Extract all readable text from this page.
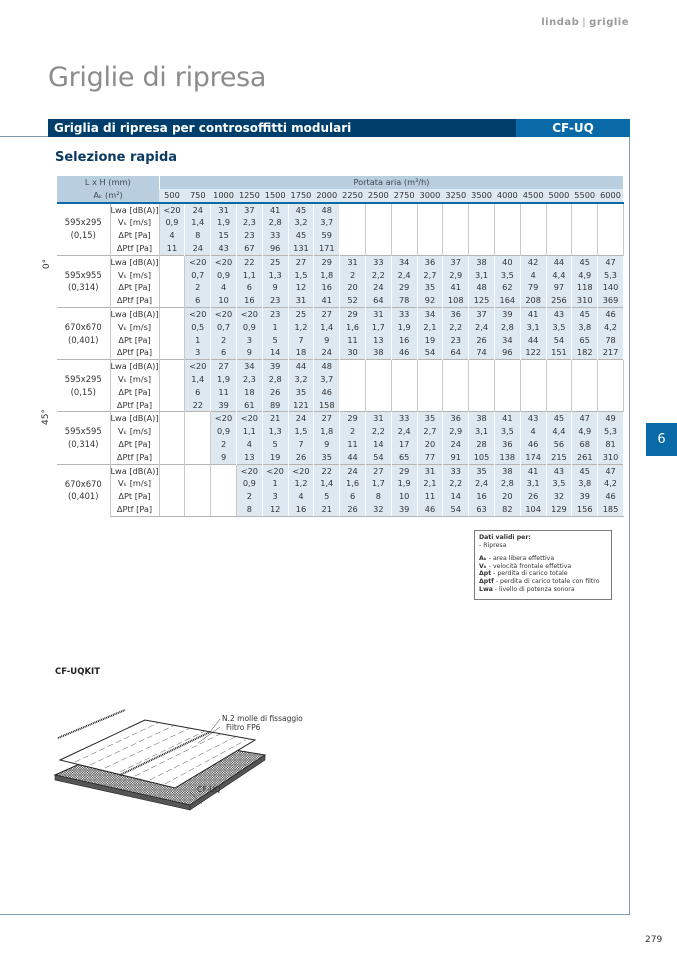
lindab | griglie
Griglie di ripresa
Griglia di ripresa per controsoffitti modulari	CF-UQ
Selezione rapida
L x H (mm)		Portata aria (m³/h)																	
Aₖ (m²)		500	750	1000	1250	1500	1750	2000	2250	2500	2750	3000	3250	3500	4000	4500	5000	5500	6000

595x295
(0,15)	Lwa [dB(A)]	<20	24	31	37	41	45	48											
	Vₖ [m/s]	0,9	1,4	1,9	2,3	2,8	3,2	3,7											
	ΔPt [Pa]	4	8	15	23	33	45	59											
	ΔPtf [Pa]	11	24	43	67	96	131	171											

595x955
(0,314)	Lwa [dB(A)]		<20	<20	22	25	27	29	31	33	34	36	37	38	40	42	44	45	47
	Vₖ [m/s]		0,7	0,9	1,1	1,3	1,5	1,8	2	2,2	2,4	2,7	2,9	3,1	3,5	4	4,4	4,9	5,3
	ΔPt [Pa]		2	4	6	9	12	16	20	24	29	35	41	48	62	79	97	118	140
	ΔPtf [Pa]		6	10	16	23	31	41	52	64	78	92	108	125	164	208	256	310	369

670x670
(0,401)	Lwa [dB(A)]		<20	<20	<20	23	25	27	29	31	33	34	36	37	39	41	43	45	46
	Vₖ [m/s]		0,5	0,7	0,9	1	1,2	1,4	1,6	1,7	1,9	2,1	2,2	2,4	2,8	3,1	3,5	3,8	4,2
	ΔPt [Pa]		1	2	3	5	7	9	11	13	16	19	23	26	34	44	54	65	78
	ΔPtf [Pa]		3	6	9	14	18	24	30	38	46	54	64	74	96	122	151	182	217

595x295
(0,15)	Lwa [dB(A)]		<20	27	34	39	44	48											
	Vₖ [m/s]		1,4	1,9	2,3	2,8	3,2	3,7											
	ΔPt [Pa]		6	11	18	26	35	46											
	ΔPtf [Pa]		22	39	61	89	121	158											

595x595
(0,314)	Lwa [dB(A)]			<20	<20	21	24	27	29	31	33	35	36	38	41	43	45	47	49
	Vₖ [m/s]			0,9	1,1	1,3	1,5	1,8	2	2,2	2,4	2,7	2,9	3,1	3,5	4	4,4	4,9	5,3
	ΔPt [Pa]			2	4	5	7	9	11	14	17	20	24	28	36	46	56	68	81
	ΔPtf [Pa]			9	13	19	26	35	44	54	65	77	91	105	138	174	215	261	310

670x670
(0,401)	Lwa [dB(A)]				<20	<20	<20	22	24	27	29	31	33	35	38	41	43	45	47
	Vₖ [m/s]				0,9	1	1,2	1,4	1,6	1,7	1,9	2,1	2,2	2,4	2,8	3,1	3,5	3,8	4,2
	ΔPt [Pa]				2	3	4	5	6	8	10	11	14	16	20	26	32	39	46
	ΔPtf [Pa]				8	12	16	21	26	32	39	46	54	63	82	104	129	156	185
0°
45°
Dati validi per:
- Ripresa
Aₖ - area libera effettiva
Vₖ - velocità frontale effettiva
Δpt - perdita di carico totale
Δptf - perdita di carico totale con filtro
Lwa - livello di potenza sonora
6
CF-UQKIT
N.2 molle di fissaggio
Filtro FP6
CF-UQ
279
